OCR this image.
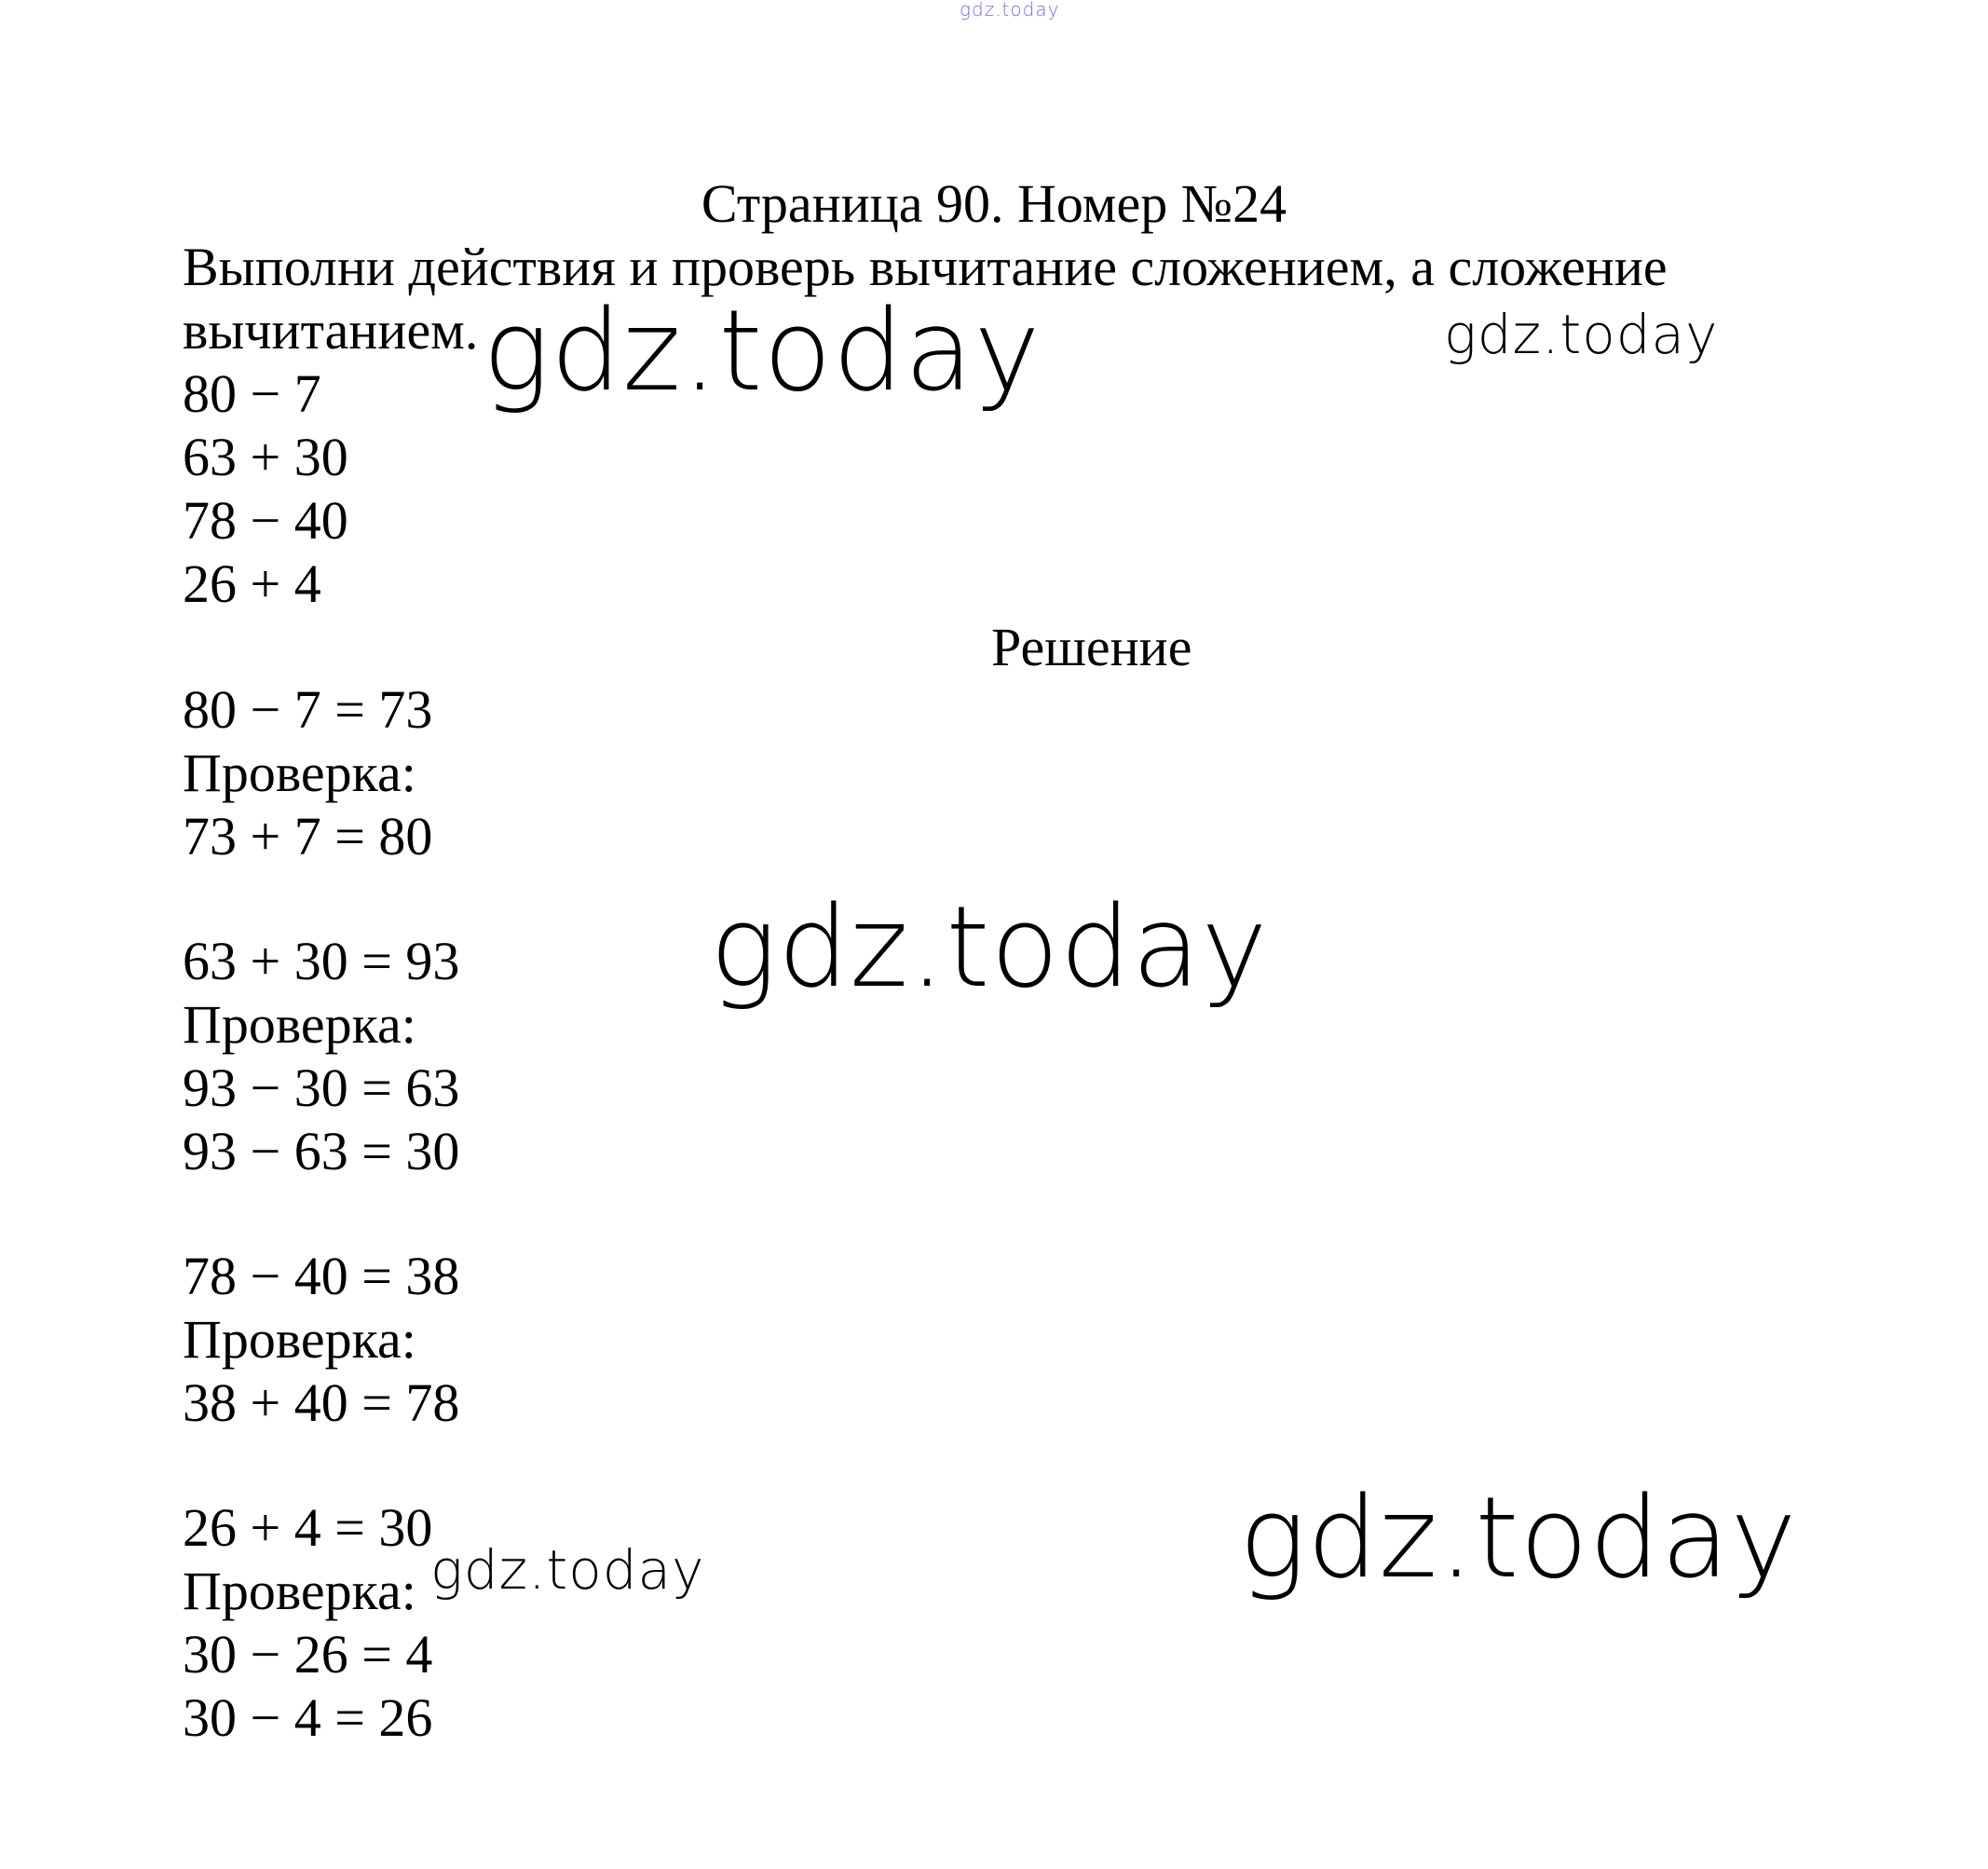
gdz.today
Страница 90. Номер №24
Выполни действия и проверь вычитание сложением, а сложение
вычитанием.
80 − 7
63 + 30
78 − 40
26 + 4
Решение
80 − 7 = 73
Проверка:
73 + 7 = 80
63 + 30 = 93
Проверка:
93 − 30 = 63
93 − 63 = 30
78 − 40 = 38
Проверка:
38 + 40 = 78
26 + 4 = 30
Проверка:
30 − 26 = 4
30 − 4 = 26
gdz.today	gdz.today
gdz.today
gdz.today
gdz.today
